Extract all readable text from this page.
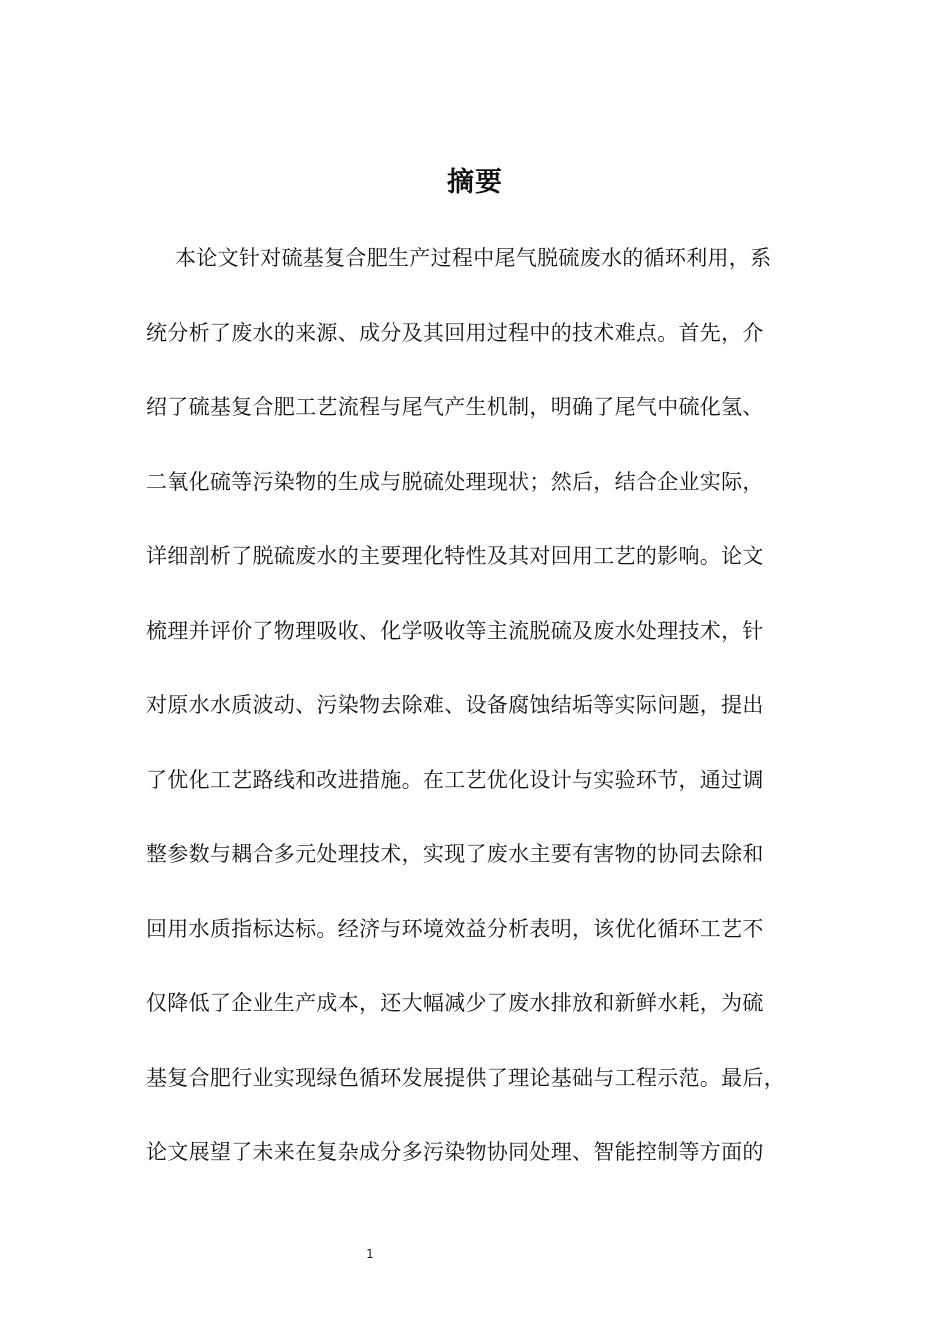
摘要
本论文针对硫基复合肥生产过程中尾气脱硫废水的循环利用，系
统分析了废水的来源、成分及其回用过程中的技术难点。首先，介
绍了硫基复合肥工艺流程与尾气产生机制，明确了尾气中硫化氢、
二氧化硫等污染物的生成与脱硫处理现状；然后，结合企业实际，
详细剖析了脱硫废水的主要理化特性及其对回用工艺的影响。论文
梳理并评价了物理吸收、化学吸收等主流脱硫及废水处理技术，针
对原水水质波动、污染物去除难、设备腐蚀结垢等实际问题，提出
了优化工艺路线和改进措施。在工艺优化设计与实验环节，通过调
整参数与耦合多元处理技术，实现了废水主要有害物的协同去除和
回用水质指标达标。经济与环境效益分析表明，该优化循环工艺不
仅降低了企业生产成本，还大幅减少了废水排放和新鲜水耗，为硫
基复合肥行业实现绿色循环发展提供了理论基础与工程示范。最后，
论文展望了未来在复杂成分多污染物协同处理、智能控制等方面的
1
